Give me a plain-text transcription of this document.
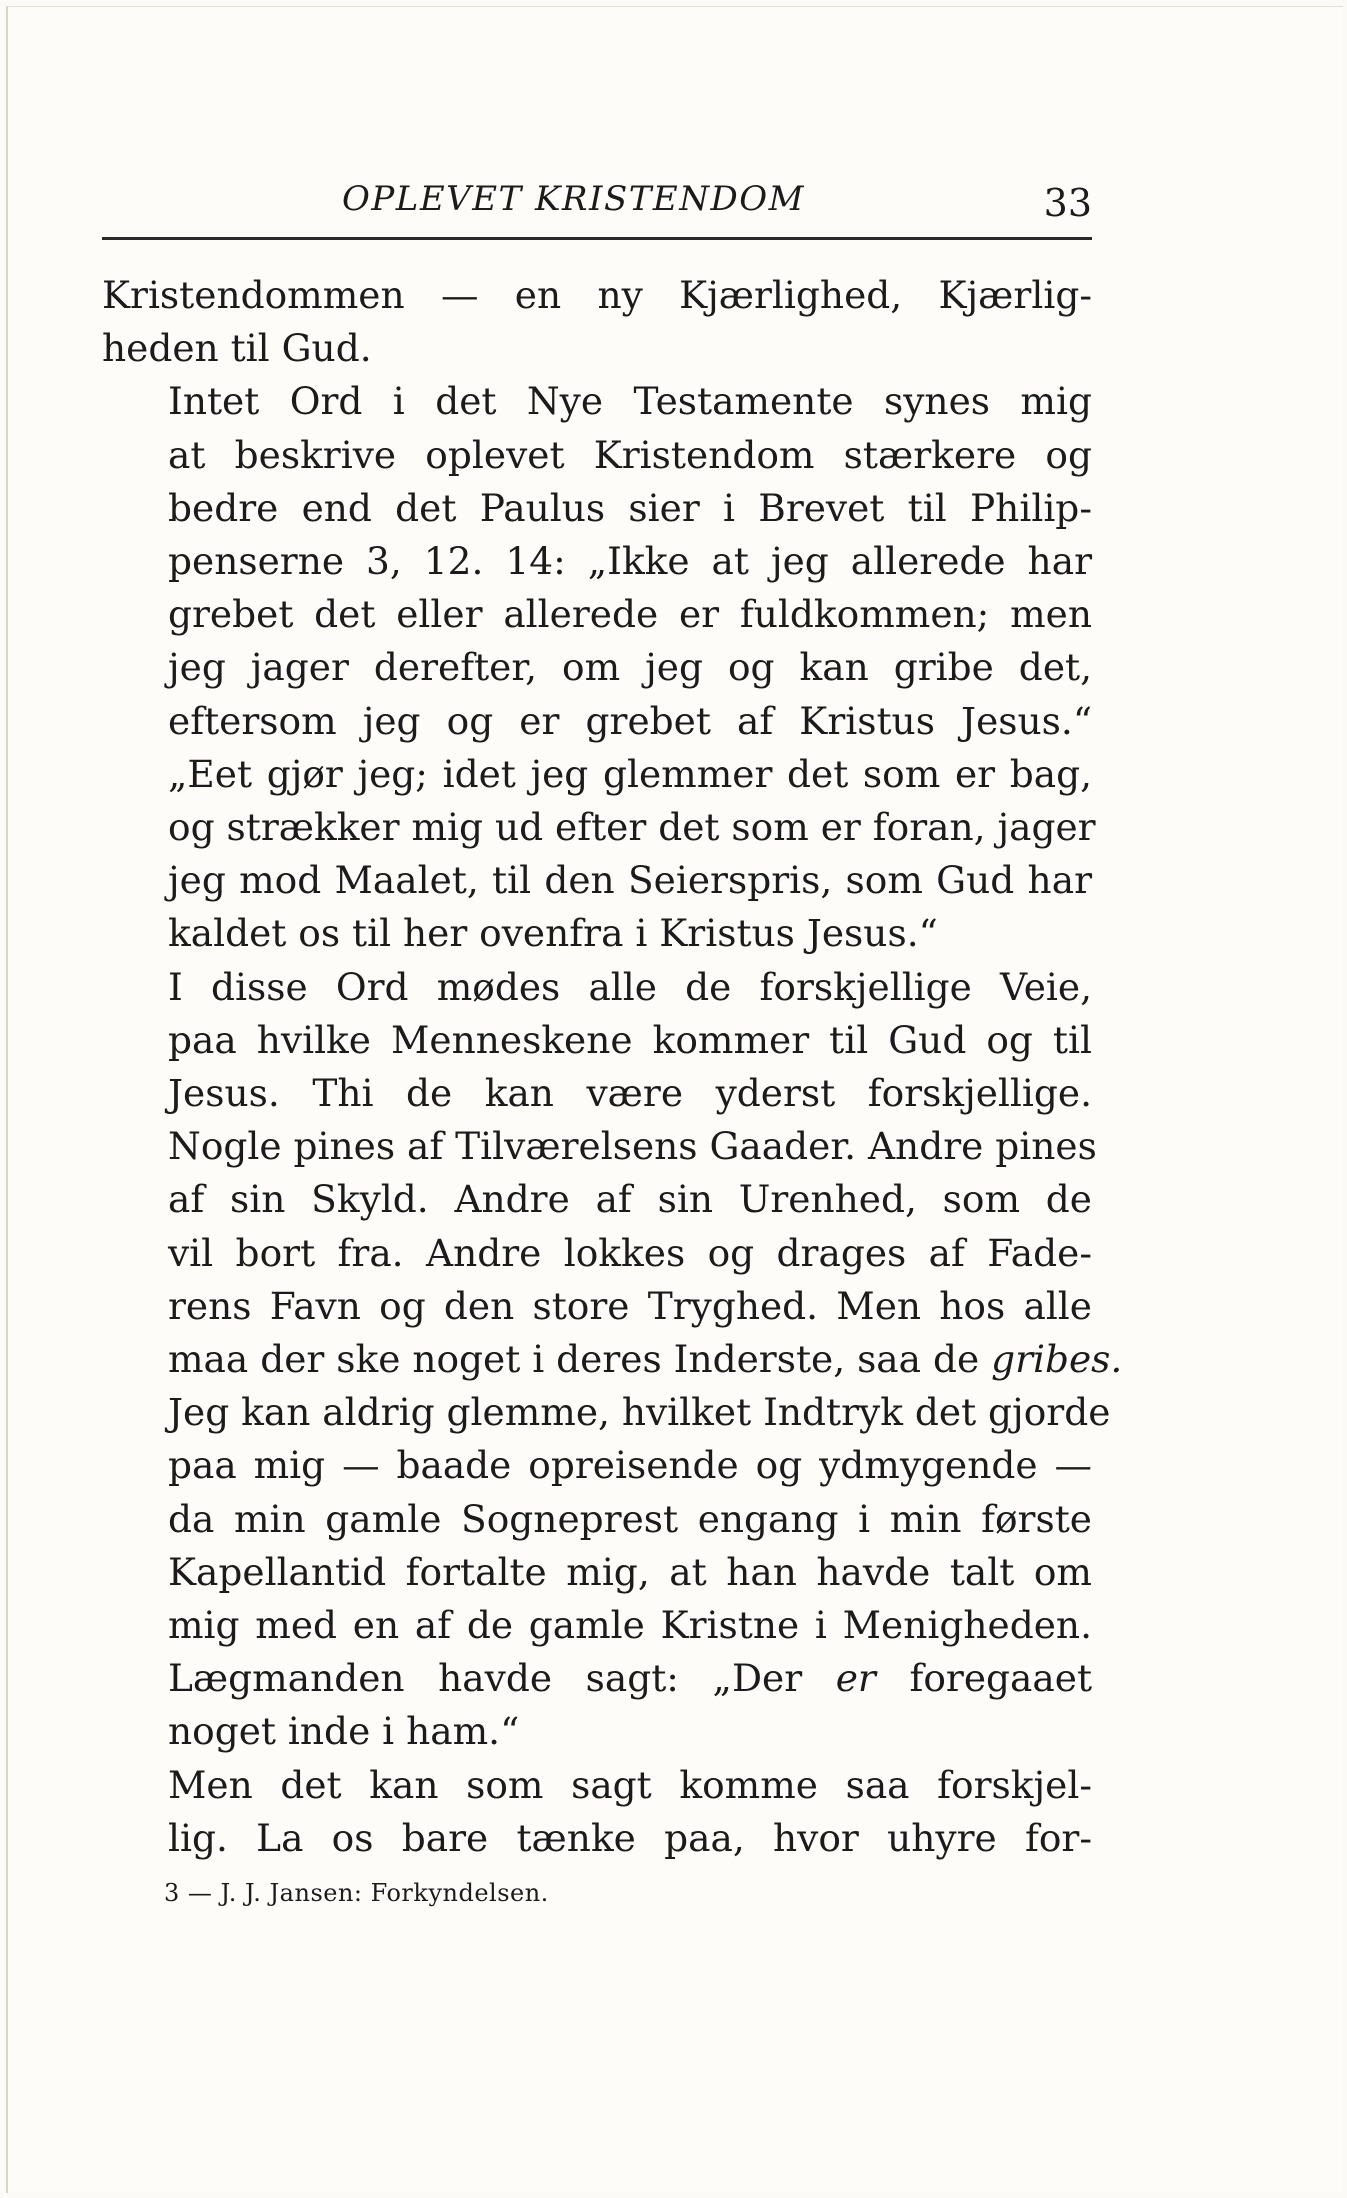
OPLEVET KRISTENDOM	33

Kristendommen — en ny Kjærlighed, Kjærlig-
heden til Gud.

Intet Ord i det Nye Testamente synes mig
at beskrive oplevet Kristendom stærkere og
bedre end det Paulus sier i Brevet til Philip-
penserne 3, 12. 14: „Ikke at jeg allerede har
grebet det eller allerede er fuldkommen; men
jeg jager derefter, om jeg og kan gribe det,
eftersom jeg og er grebet af Kristus Jesus.“
„Eet gjør jeg; idet jeg glemmer det som er bag,
og strækker mig ud efter det som er foran, jager
jeg mod Maalet, til den Seierspris, som Gud har
kaldet os til her ovenfra i Kristus Jesus.“

I disse Ord mødes alle de forskjellige Veie,
paa hvilke Menneskene kommer til Gud og til
Jesus. Thi de kan være yderst forskjellige.
Nogle pines af Tilværelsens Gaader. Andre pines
af sin Skyld. Andre af sin Urenhed, som de
vil bort fra. Andre lokkes og drages af Fade-
rens Favn og den store Tryghed. Men hos alle
maa der ske noget i deres Inderste, saa de gribes.
Jeg kan aldrig glemme, hvilket Indtryk det gjorde
paa mig — baade opreisende og ydmygende —
da min gamle Sogneprest engang i min første
Kapellantid fortalte mig, at han havde talt om
mig med en af de gamle Kristne i Menigheden.
Lægmanden havde sagt: „Der er foregaaet
noget inde i ham.“

Men det kan som sagt komme saa forskjel-
lig. La os bare tænke paa, hvor uhyre for-

3 — J. J. Jansen: Forkyndelsen.
